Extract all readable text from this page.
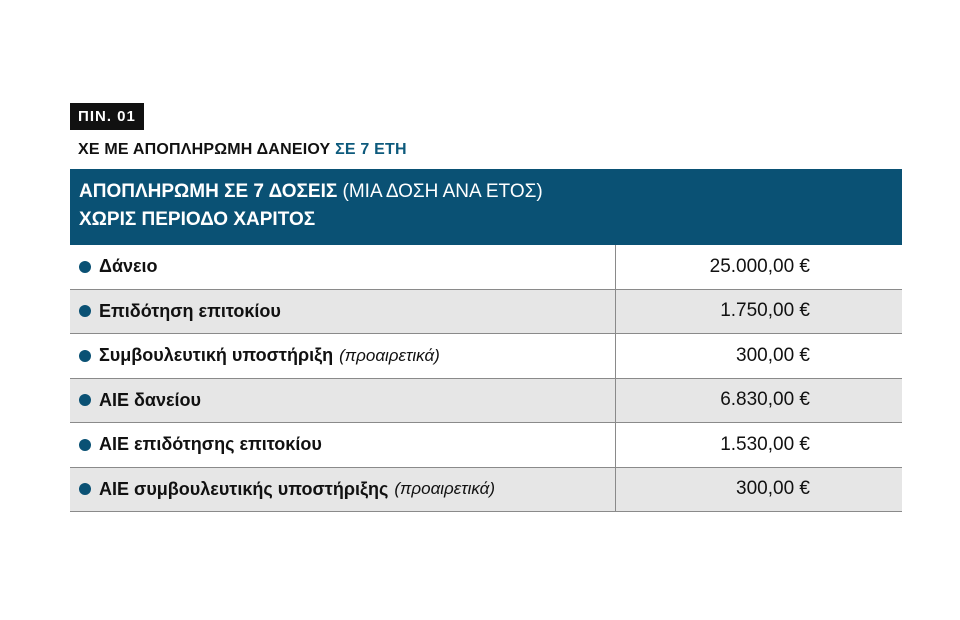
ΠΙΝ. 01
ΧΕ ΜΕ ΑΠΟΠΛΗΡΩΜΗ ΔΑΝΕΙΟΥ ΣΕ 7 ΕΤΗ
ΑΠΟΠΛΗΡΩΜΗ ΣΕ 7 ΔΟΣΕΙΣ (ΜΙΑ ΔΟΣΗ ΑΝΑ ΕΤΟΣ)
ΧΩΡΙΣ ΠΕΡΙΟΔΟ ΧΑΡΙΤΟΣ
Δάνειο	25.000,00 €
Επιδότηση επιτοκίου	1.750,00 €
Συμβουλευτική υποστήριξη (προαιρετικά)	300,00 €
ΑΙΕ δανείου	6.830,00 €
ΑΙΕ επιδότησης επιτοκίου	1.530,00 €
ΑΙΕ συμβουλευτικής υποστήριξης (προαιρετικά)	300,00 €
